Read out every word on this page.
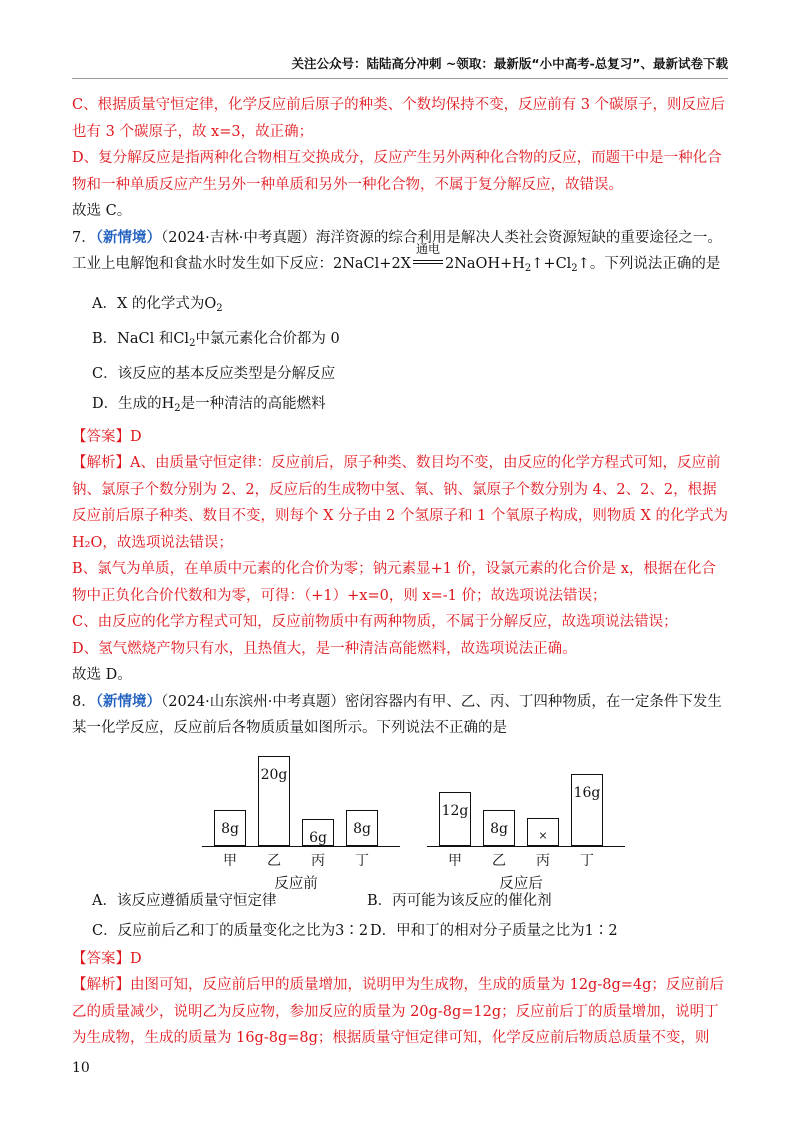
关注公众号：陆陆高分冲刺 ~领取：最新版“小中高考-总复习”、最新试卷下载

C、根据质量守恒定律，化学反应前后原子的种类、个数均保持不变，反应前有 3 个碳原子，则反应后也有 3 个碳原子，故 x=3，故正确；

D、复分解反应是指两种化合物相互交换成分，反应产生另外两种化合物的反应，而题干中是一种化合物和一种单质反应产生另外一种单质和另外一种化合物，不属于复分解反应，故错误。

故选 C。

7．（新情境）（2024·吉林·中考真题）海洋资源的综合利用是解决人类社会资源短缺的重要途径之一。工业上电解饱和食盐水时发生如下反应：2NaCl+2X
通电
$2NaOH+H_2↑+Cl_2↑$。下列说法正确的是

A．X 的化学式为$O_2$

B．NaCl 和$Cl_2$中氯元素化合价都为 0

C．该反应的基本反应类型是分解反应

D．生成的$H_2$是一种清洁的高能燃料

【答案】D

【解析】A、由质量守恒定律：反应前后，原子种类、数目均不变，由反应的化学方程式可知，反应前钠、氯原子个数分别为 2、2，反应后的生成物中氢、氧、钠、氯原子个数分别为 4、2、2、2，根据反应前后原子种类、数目不变，则每个 X 分子由 2 个氢原子和 1 个氧原子构成，则物质 X 的化学式为 H₂O，故选项说法错误；

B、氯气为单质，在单质中元素的化合价为零；钠元素显+1 价，设氯元素的化合价是 x，根据在化合物中正负化合价代数和为零，可得：（+1）+x=0，则 x=-1 价；故选项说法错误；

C、由反应的化学方程式可知，反应前物质中有两种物质，不属于分解反应，故选项说法错误；

D、氢气燃烧产物只有水，且热值大，是一种清洁高能燃料，故选项说法正确。

故选 D。

8．（新情境）（2024·山东滨州·中考真题）密闭容器内有甲、乙、丙、丁四种物质，在一定条件下发生某一化学反应，反应前后各物质质量如图所示。下列说法不正确的是

8g
甲
20g
乙
6g
丙
8g
丁
反应前
12g
甲
8g
乙
×
丙
16g
丁
反应后

A．该反应遵循质量守恒定律	B．丙可能为该反应的催化剂

C．反应前后乙和丁的质量变化之比为3∶2 D．甲和丁的相对分子质量之比为1∶2

【答案】D

【解析】由图可知，反应前后甲的质量增加，说明甲为生成物，生成的质量为 12g-8g=4g；反应前后乙的质量减少，说明乙为反应物，参加反应的质量为 20g-8g=12g；反应前后丁的质量增加，说明丁为生成物，生成的质量为 16g-8g=8g；根据质量守恒定律可知，化学反应前后物质总质量不变，则

10
